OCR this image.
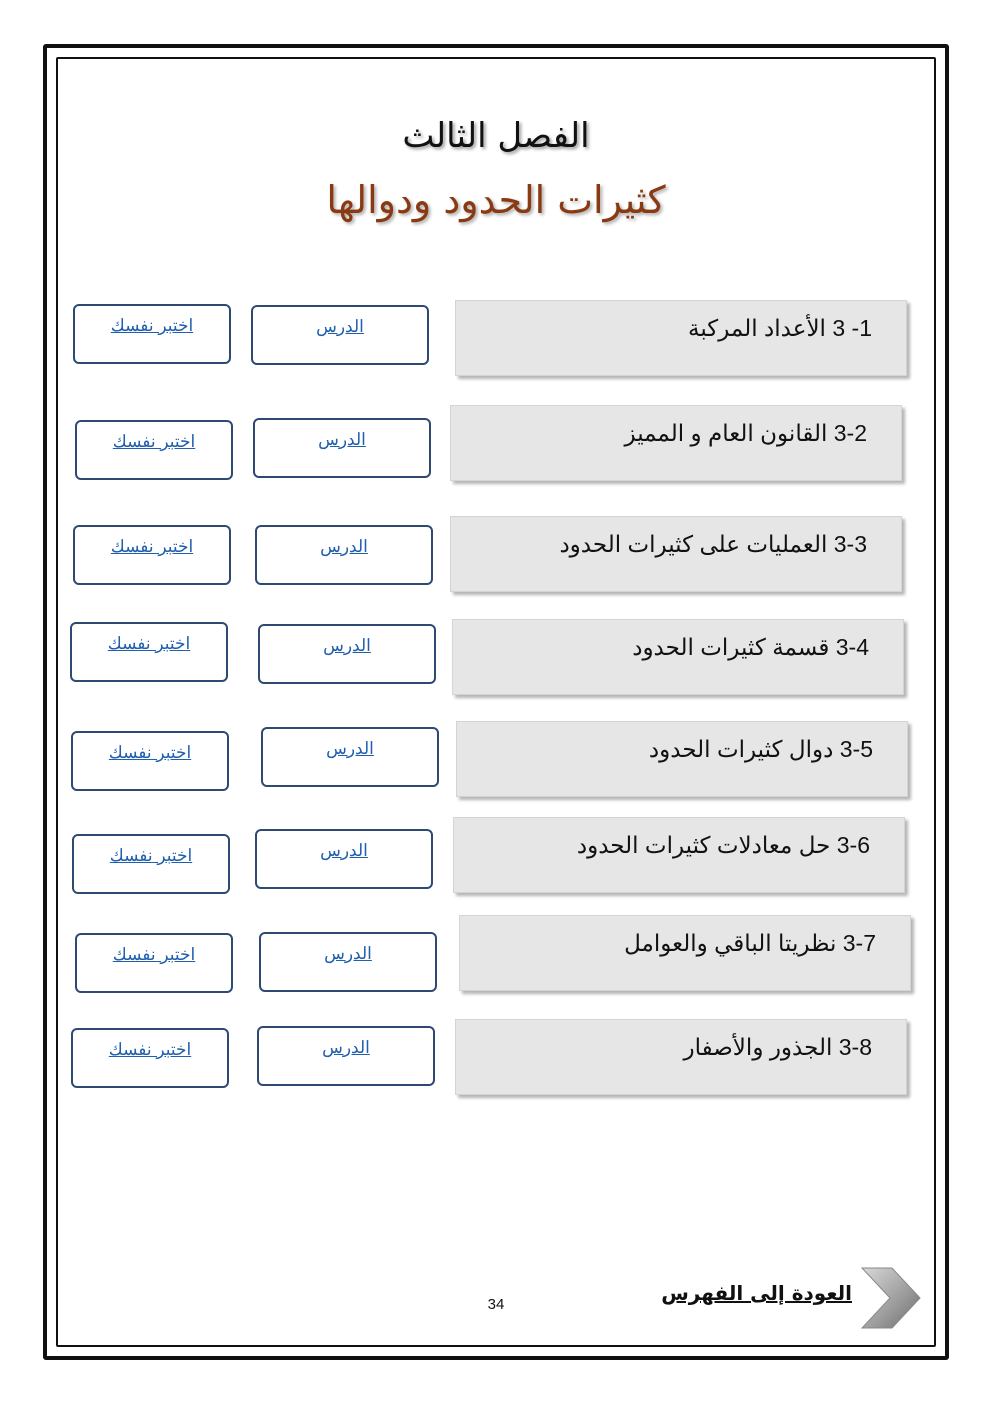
الفصل الثالث
كثيرات الحدود ودوالها
1- 3 الأعداد المركبة
الدرس
اختبر نفسك
3-2 القانون العام و المميز
الدرس
اختبر نفسك
3-3 العمليات على كثيرات الحدود
الدرس
اختبر نفسك
3-4 قسمة كثيرات الحدود
الدرس
اختبر نفسك
3-5 دوال كثيرات الحدود
الدرس
اختبر نفسك
3-6 حل معادلات كثيرات الحدود
الدرس
اختبر نفسك
3-7 نظريتا الباقي والعوامل
الدرس
اختبر نفسك
3-8 الجذور والأصفار
الدرس
اختبر نفسك
العودة إلى الفهرس
34
